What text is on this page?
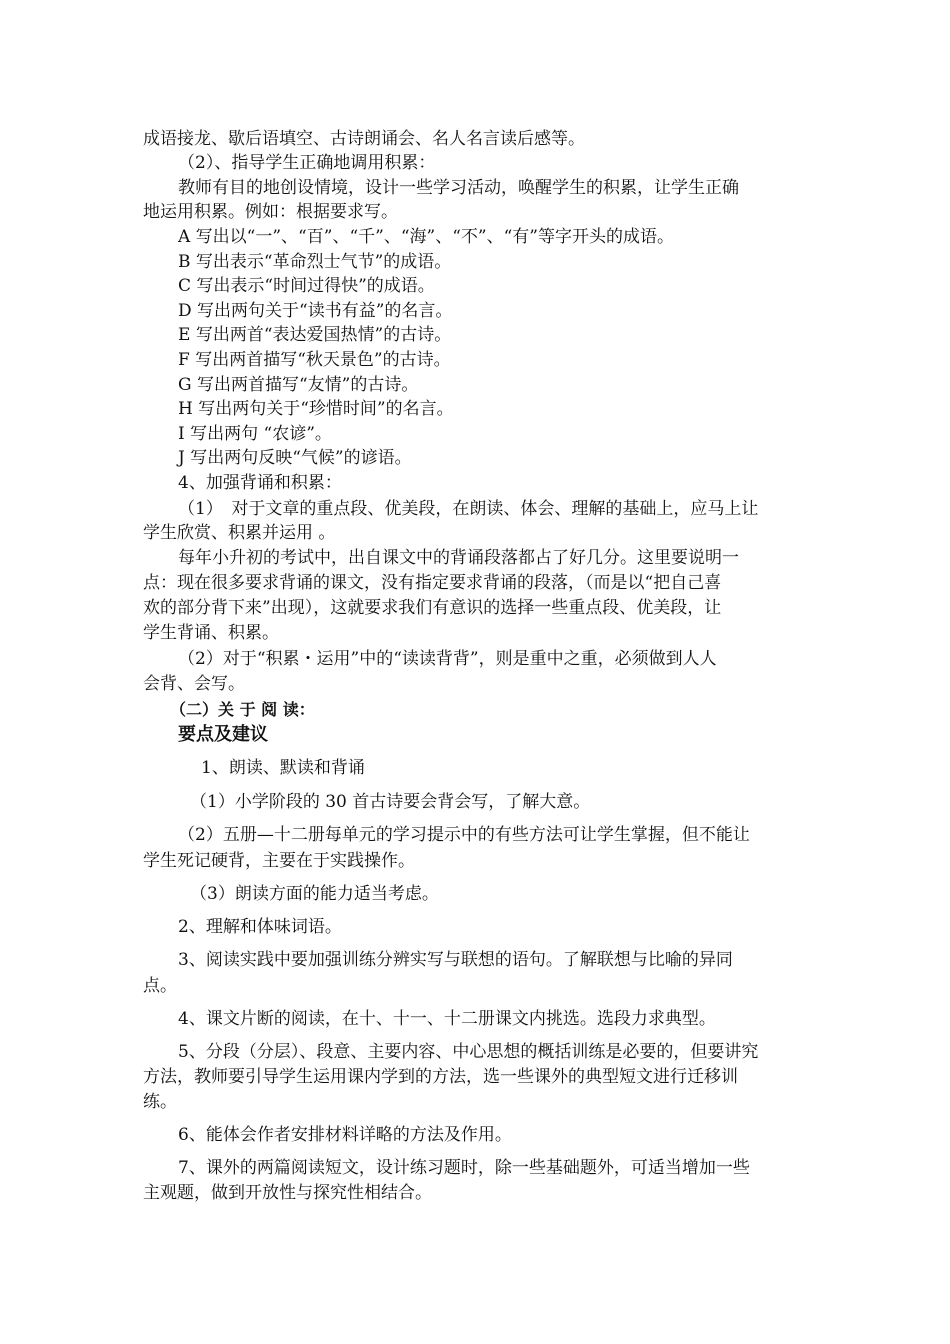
成语接龙、歇后语填空、古诗朗诵会、名人名言读后感等。
（2）、指导学生正确地调用积累：
教师有目的地创设情境，设计一些学习活动，唤醒学生的积累，让学生正确
地运用积累。例如：根据要求写。
A 写出以“一”、“百”、“千”、“海”、“不”、“有”等字开头的成语。
B 写出表示“革命烈士气节”的成语。
C 写出表示“时间过得快”的成语。
D 写出两句关于“读书有益”的名言。
E 写出两首“表达爱国热情”的古诗。
F 写出两首描写“秋天景色”的古诗。
G 写出两首描写“友情”的古诗。
H 写出两句关于“珍惜时间”的名言。
I 写出两句 “农谚”。
J 写出两句反映“气候”的谚语。
4、加强背诵和积累：
（1）　对于文章的重点段、优美段，在朗读、体会、理解的基础上，应马上让
学生欣赏、积累并运用 。
每年小升初的考试中，出自课文中的背诵段落都占了好几分。这里要说明一
点：现在很多要求背诵的课文，没有指定要求背诵的段落，（而是以“把自己喜
欢的部分背下来”出现），这就要求我们有意识的选择一些重点段、优美段，让
学生背诵、积累。
（2）对于“积累・运用”中的“读读背背”，则是重中之重，必须做到人人
会背、会写。
（二）关 于 阅 读：
要点及建议
1、朗读、默读和背诵
（1）小学阶段的 30 首古诗要会背会写，了解大意。
（2）五册—十二册每单元的学习提示中的有些方法可让学生掌握，但不能让
学生死记硬背，主要在于实践操作。
（3）朗读方面的能力适当考虑。
2、理解和体味词语。
3、阅读实践中要加强训练分辨实写与联想的语句。了解联想与比喻的异同
点。
4、课文片断的阅读，在十、十一、十二册课文内挑选。选段力求典型。
5、分段（分层）、段意、主要内容、中心思想的概括训练是必要的，但要讲究
方法，教师要引导学生运用课内学到的方法，选一些课外的典型短文进行迁移训
练。
6、能体会作者安排材料详略的方法及作用。
7、课外的两篇阅读短文，设计练习题时，除一些基础题外，可适当增加一些
主观题，做到开放性与探究性相结合。
